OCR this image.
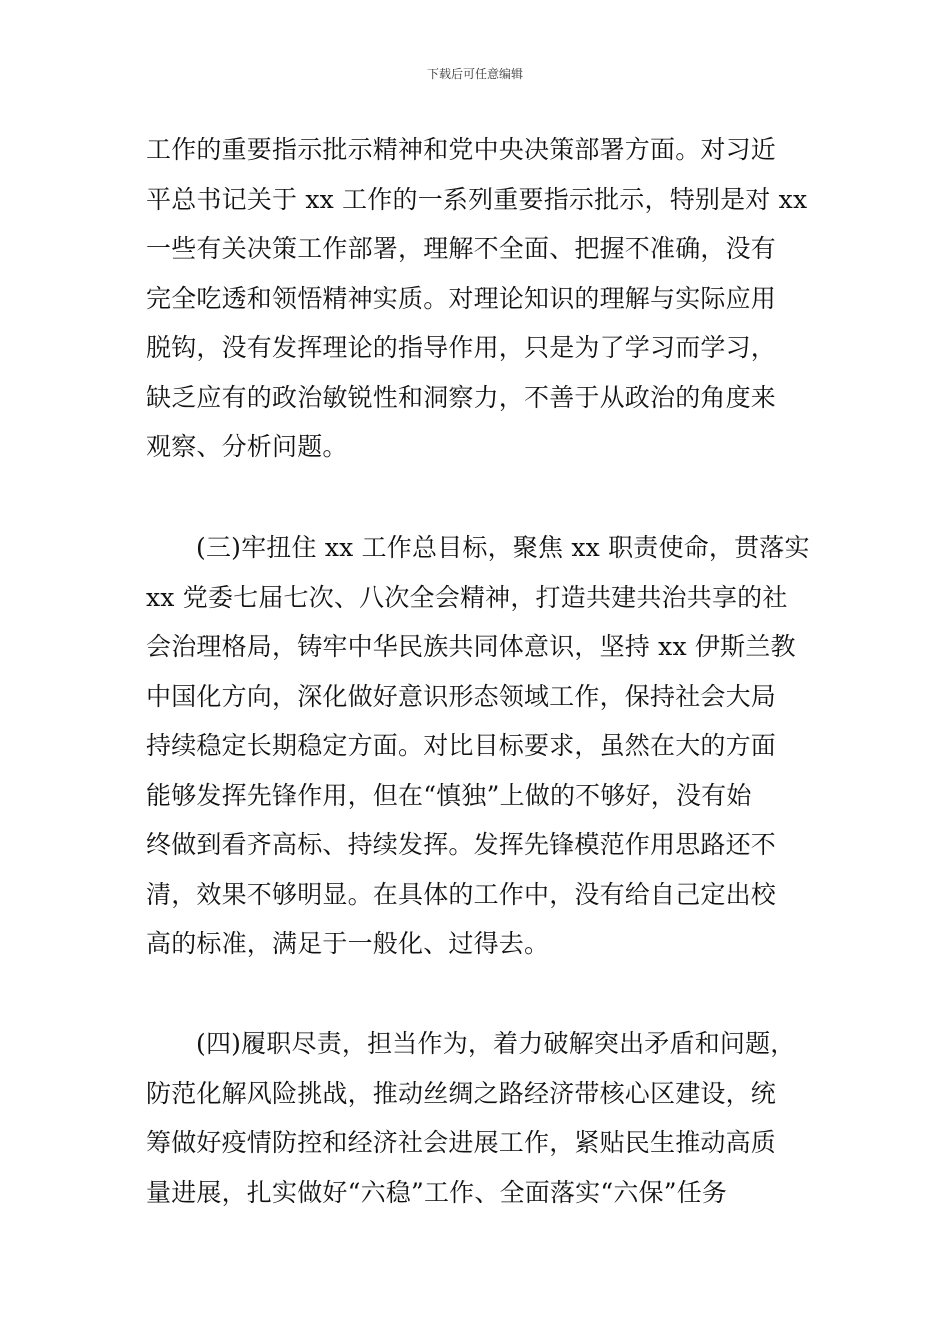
下载后可任意编辑
工作的重要指示批示精神和党中央决策部署方面。对习近
平总书记关于 xx 工作的一系列重要指示批示，特别是对 xx
一些有关决策工作部署，理解不全面、把握不准确，没有
完全吃透和领悟精神实质。对理论知识的理解与实际应用
脱钩，没有发挥理论的指导作用，只是为了学习而学习，
缺乏应有的政治敏锐性和洞察力，不善于从政治的角度来
观察、分析问题。
(三)牢扭住 xx 工作总目标，聚焦 xx 职责使命，贯落实
xx 党委七届七次、八次全会精神，打造共建共治共享的社
会治理格局，铸牢中华民族共同体意识，坚持 xx 伊斯兰教
中国化方向，深化做好意识形态领域工作，保持社会大局
持续稳定长期稳定方面。对比目标要求，虽然在大的方面
能够发挥先锋作用，但在“慎独”上做的不够好，没有始
终做到看齐高标、持续发挥。发挥先锋模范作用思路还不
清，效果不够明显。在具体的工作中，没有给自己定出校
高的标准，满足于一般化、过得去。
(四)履职尽责，担当作为，着力破解突出矛盾和问题，
防范化解风险挑战，推动丝绸之路经济带核心区建设，统
筹做好疫情防控和经济社会进展工作，紧贴民生推动高质
量进展，扎实做好“六稳”工作、全面落实“六保”任务
